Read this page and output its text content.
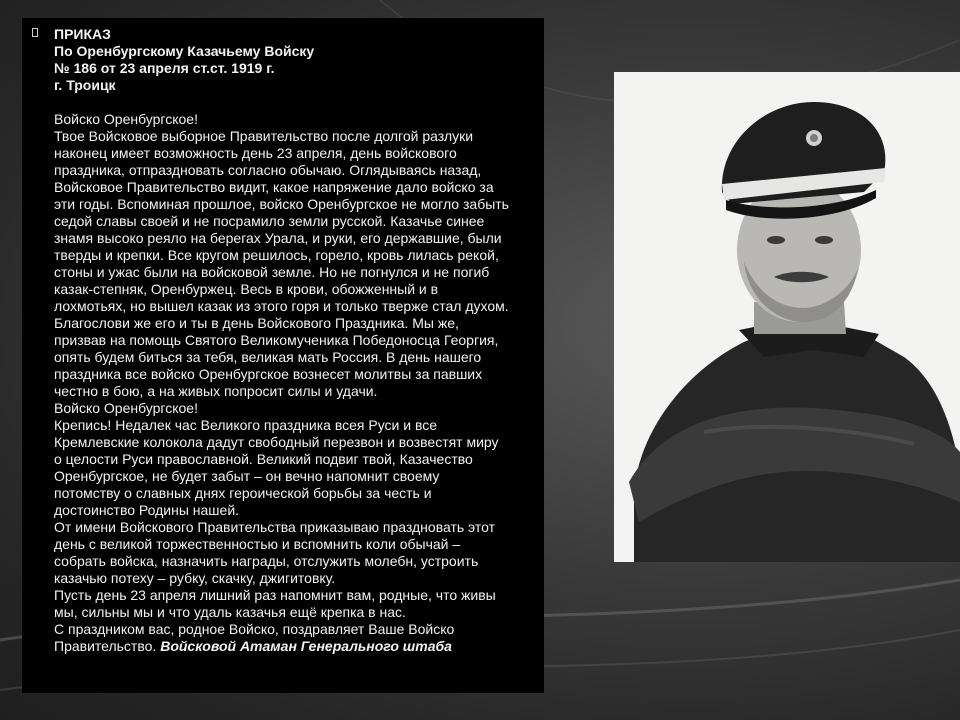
ПРИКАЗ
По Оренбургскому Казачьему Войску
№ 186 от 23 апреля ст.ст. 1919 г.
г. Троицк
Войско Оренбургское!
Твое Войсковое выборное Правительство после долгой разлуки
наконец имеет возможность день 23 апреля, день войскового
праздника, отпраздновать согласно обычаю. Оглядываясь назад,
Войсковое Правительство видит, какое напряжение дало войско за
эти годы. Вспоминая прошлое, войско Оренбургское не могло забыть
седой славы своей и не посрамило земли русской. Казачье синее
знамя высоко реяло на берегах Урала, и руки, его державшие, были
тверды и крепки. Все кругом решилось, горело, кровь лилась рекой,
стоны и ужас были на войсковой земле. Но не погнулся и не погиб
казак-степняк, Оренбуржец. Весь в крови, обожженный и в
лохмотьях, но вышел казак из этого горя и только тверже стал духом.
Благослови же его и ты в день Войскового Праздника. Мы же,
призвав на помощь Святого Великомученика Победоносца Георгия,
опять будем биться за тебя, великая мать Россия. В день нашего
праздника все войско Оренбургское вознесет молитвы за павших
честно в бою, а на живых попросит силы и удачи.
Войско Оренбургское!
Крепись! Недалек час Великого праздника всея Руси и все
Кремлевские колокола дадут свободный перезвон и возвестят миру
о целости Руси православной. Великий подвиг твой, Казачество
Оренбургское, не будет забыт – он вечно напомнит своему
потомству о славных днях героической борьбы за честь и
достоинство Родины нашей.
От имени Войскового Правительства приказываю праздновать этот
день с великой торжественностью и вспомнить коли обычай –
собрать войска, назначить награды, отслужить молебн, устроить
казачью потеху – рубку, скачку, джигитовку.
Пусть день 23 апреля лишний раз напомнит вам, родные, что живы
мы, сильны мы и что удаль казачья ещё крепка в нас.
С праздником вас, родное Войско, поздравляет Ваше Войско
Правительство. Войсковой Атаман Генерального штаба
